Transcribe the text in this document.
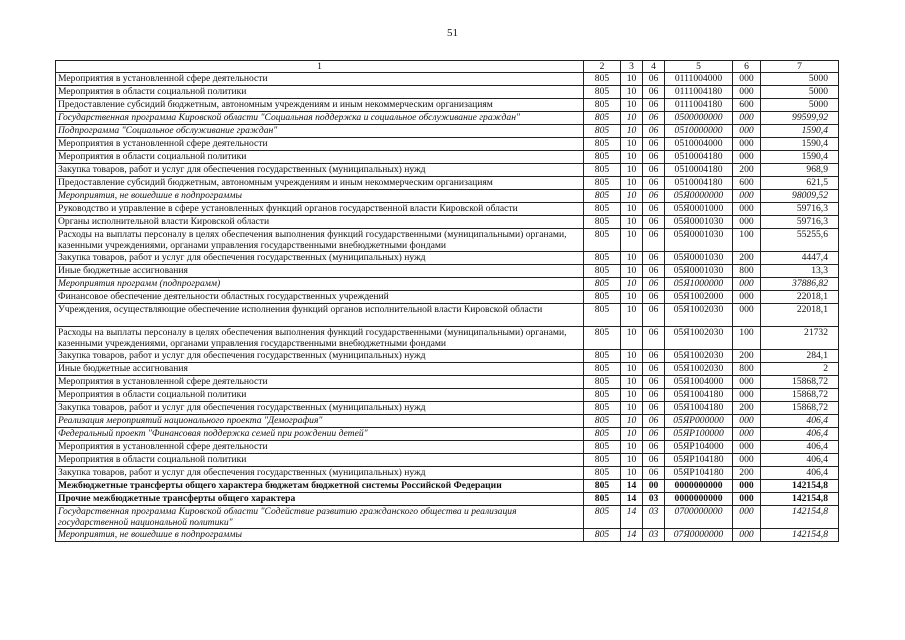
51
1	2	3	4	5	6	7
Мероприятия в установленной сфере деятельности	805	10	06	0111004000	000	5000
Мероприятия в области социальной политики	805	10	06	0111004180	000	5000
Предоставление субсидий бюджетным, автономным учреждениям и иным некоммерческим организациям	805	10	06	0111004180	600	5000
Государственная программа Кировской области "Социальная поддержка и социальное обслуживание граждан"	805	10	06	0500000000	000	99599,92
Подпрограмма "Социальное обслуживание граждан"	805	10	06	0510000000	000	1590,4
Мероприятия в установленной сфере деятельности	805	10	06	0510004000	000	1590,4
Мероприятия в области социальной политики	805	10	06	0510004180	000	1590,4
Закупка товаров, работ и услуг для обеспечения государственных (муниципальных) нужд	805	10	06	0510004180	200	968,9
Предоставление субсидий бюджетным, автономным учреждениям и иным некоммерческим организациям	805	10	06	0510004180	600	621,5
Мероприятия, не вошедшие в подпрограммы	805	10	06	05Я0000000	000	98009,52
Руководство и управление в сфере установленных функций органов государственной власти Кировской области	805	10	06	05Я0001000	000	59716,3
Органы исполнительной власти Кировской области	805	10	06	05Я0001030	000	59716,3
Расходы на выплаты персоналу в целях обеспечения выполнения функций государственными (муниципальными) органами, казенными учреждениями, органами управления государственными внебюджетными фондами	805	10	06	05Я0001030	100	55255,6
Закупка товаров, работ и услуг для обеспечения государственных (муниципальных) нужд	805	10	06	05Я0001030	200	4447,4
Иные бюджетные ассигнования	805	10	06	05Я0001030	800	13,3
Мероприятия программ (подпрограмм)	805	10	06	05Я1000000	000	37886,82
Финансовое обеспечение деятельности областных государственных учреждений	805	10	06	05Я1002000	000	22018,1
Учреждения, осуществляющие обеспечение исполнения функций органов исполнительной власти Кировской области	805	10	06	05Я1002030	000	22018,1
Расходы на выплаты персоналу в целях обеспечения выполнения функций государственными (муниципальными) органами, казенными учреждениями, органами управления государственными внебюджетными фондами	805	10	06	05Я1002030	100	21732
Закупка товаров, работ и услуг для обеспечения государственных (муниципальных) нужд	805	10	06	05Я1002030	200	284,1
Иные бюджетные ассигнования	805	10	06	05Я1002030	800	2
Мероприятия в установленной сфере деятельности	805	10	06	05Я1004000	000	15868,72
Мероприятия в области социальной политики	805	10	06	05Я1004180	000	15868,72
Закупка товаров, работ и услуг для обеспечения государственных (муниципальных) нужд	805	10	06	05Я1004180	200	15868,72
Реализация мероприятий национального проекта "Демография"	805	10	06	05ЯР000000	000	406,4
Федеральный проект "Финансовая поддержка семей при рождении детей"	805	10	06	05ЯР100000	000	406,4
Мероприятия в установленной сфере деятельности	805	10	06	05ЯР104000	000	406,4
Мероприятия в области социальной политики	805	10	06	05ЯР104180	000	406,4
Закупка товаров, работ и услуг для обеспечения государственных (муниципальных) нужд	805	10	06	05ЯР104180	200	406,4
Межбюджетные трансферты общего характера бюджетам бюджетной системы Российской Федерации	805	14	00	0000000000	000	142154,8
Прочие межбюджетные трансферты общего характера	805	14	03	0000000000	000	142154,8
Государственная программа Кировской области "Содействие развитию гражданского общества и реализация государственной национальной политики"	805	14	03	0700000000	000	142154,8
Мероприятия, не вошедшие в подпрограммы	805	14	03	07Я0000000	000	142154,8
